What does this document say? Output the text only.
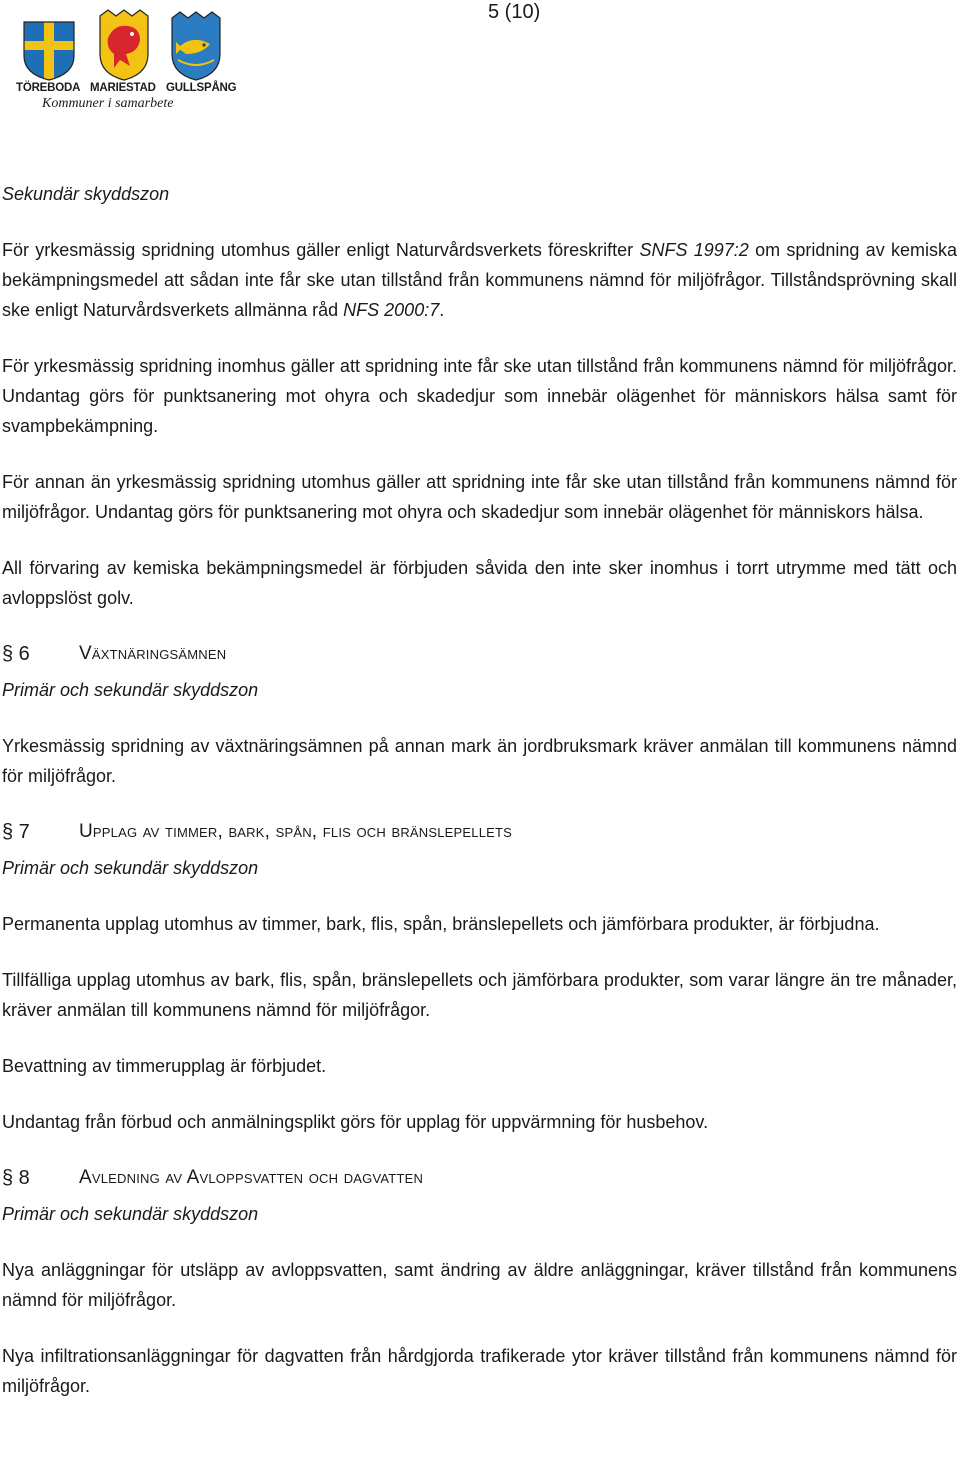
5 (10)
TÖREBODA MARIESTAD GULLSPÅNG
Kommuner i samarbete

Sekundär skyddszon

För yrkesmässig spridning utomhus gäller enligt Naturvårdsverkets föreskrifter SNFS 1997:2 om spridning av kemiska bekämpningsmedel att sådan inte får ske utan tillstånd från kommunens nämnd för miljöfrågor. Tillståndsprövning skall ske enligt Naturvårdsverkets allmänna råd NFS 2000:7.

För yrkesmässig spridning inomhus gäller att spridning inte får ske utan tillstånd från kommunens nämnd för miljöfrågor. Undantag görs för punktsanering mot ohyra och skadedjur som innebär olägenhet för människors hälsa samt för svampbekämpning.

För annan än yrkesmässig spridning utomhus gäller att spridning inte får ske utan tillstånd från kommunens nämnd för miljöfrågor. Undantag görs för punktsanering mot ohyra och skadedjur som innebär olägenhet för människors hälsa.

All förvaring av kemiska bekämpningsmedel är förbjuden såvida den inte sker inomhus i torrt utrymme med tätt och avloppslöst golv.

§ 6	Växtnäringsämnen

Primär och sekundär skyddszon

Yrkesmässig spridning av växtnäringsämnen på annan mark än jordbruksmark kräver anmälan till kommunens nämnd för miljöfrågor.

§ 7	Upplag av timmer, bark, spån, flis och bränslepellets

Primär och sekundär skyddszon

Permanenta upplag utomhus av timmer, bark, flis, spån, bränslepellets och jämförbara produkter, är förbjudna.

Tillfälliga upplag utomhus av bark, flis, spån, bränslepellets och jämförbara produkter, som varar längre än tre månader, kräver anmälan till kommunens nämnd för miljöfrågor.

Bevattning av timmerupplag är förbjudet.

Undantag från förbud och anmälningsplikt görs för upplag för uppvärmning för husbehov.

§ 8	Avledning av Avloppsvatten och dagvatten

Primär och sekundär skyddszon

Nya anläggningar för utsläpp av avloppsvatten, samt ändring av äldre anläggningar, kräver tillstånd från kommunens nämnd för miljöfrågor.

Nya infiltrationsanläggningar för dagvatten från hårdgjorda trafikerade ytor kräver tillstånd från kommunens nämnd för miljöfrågor.
